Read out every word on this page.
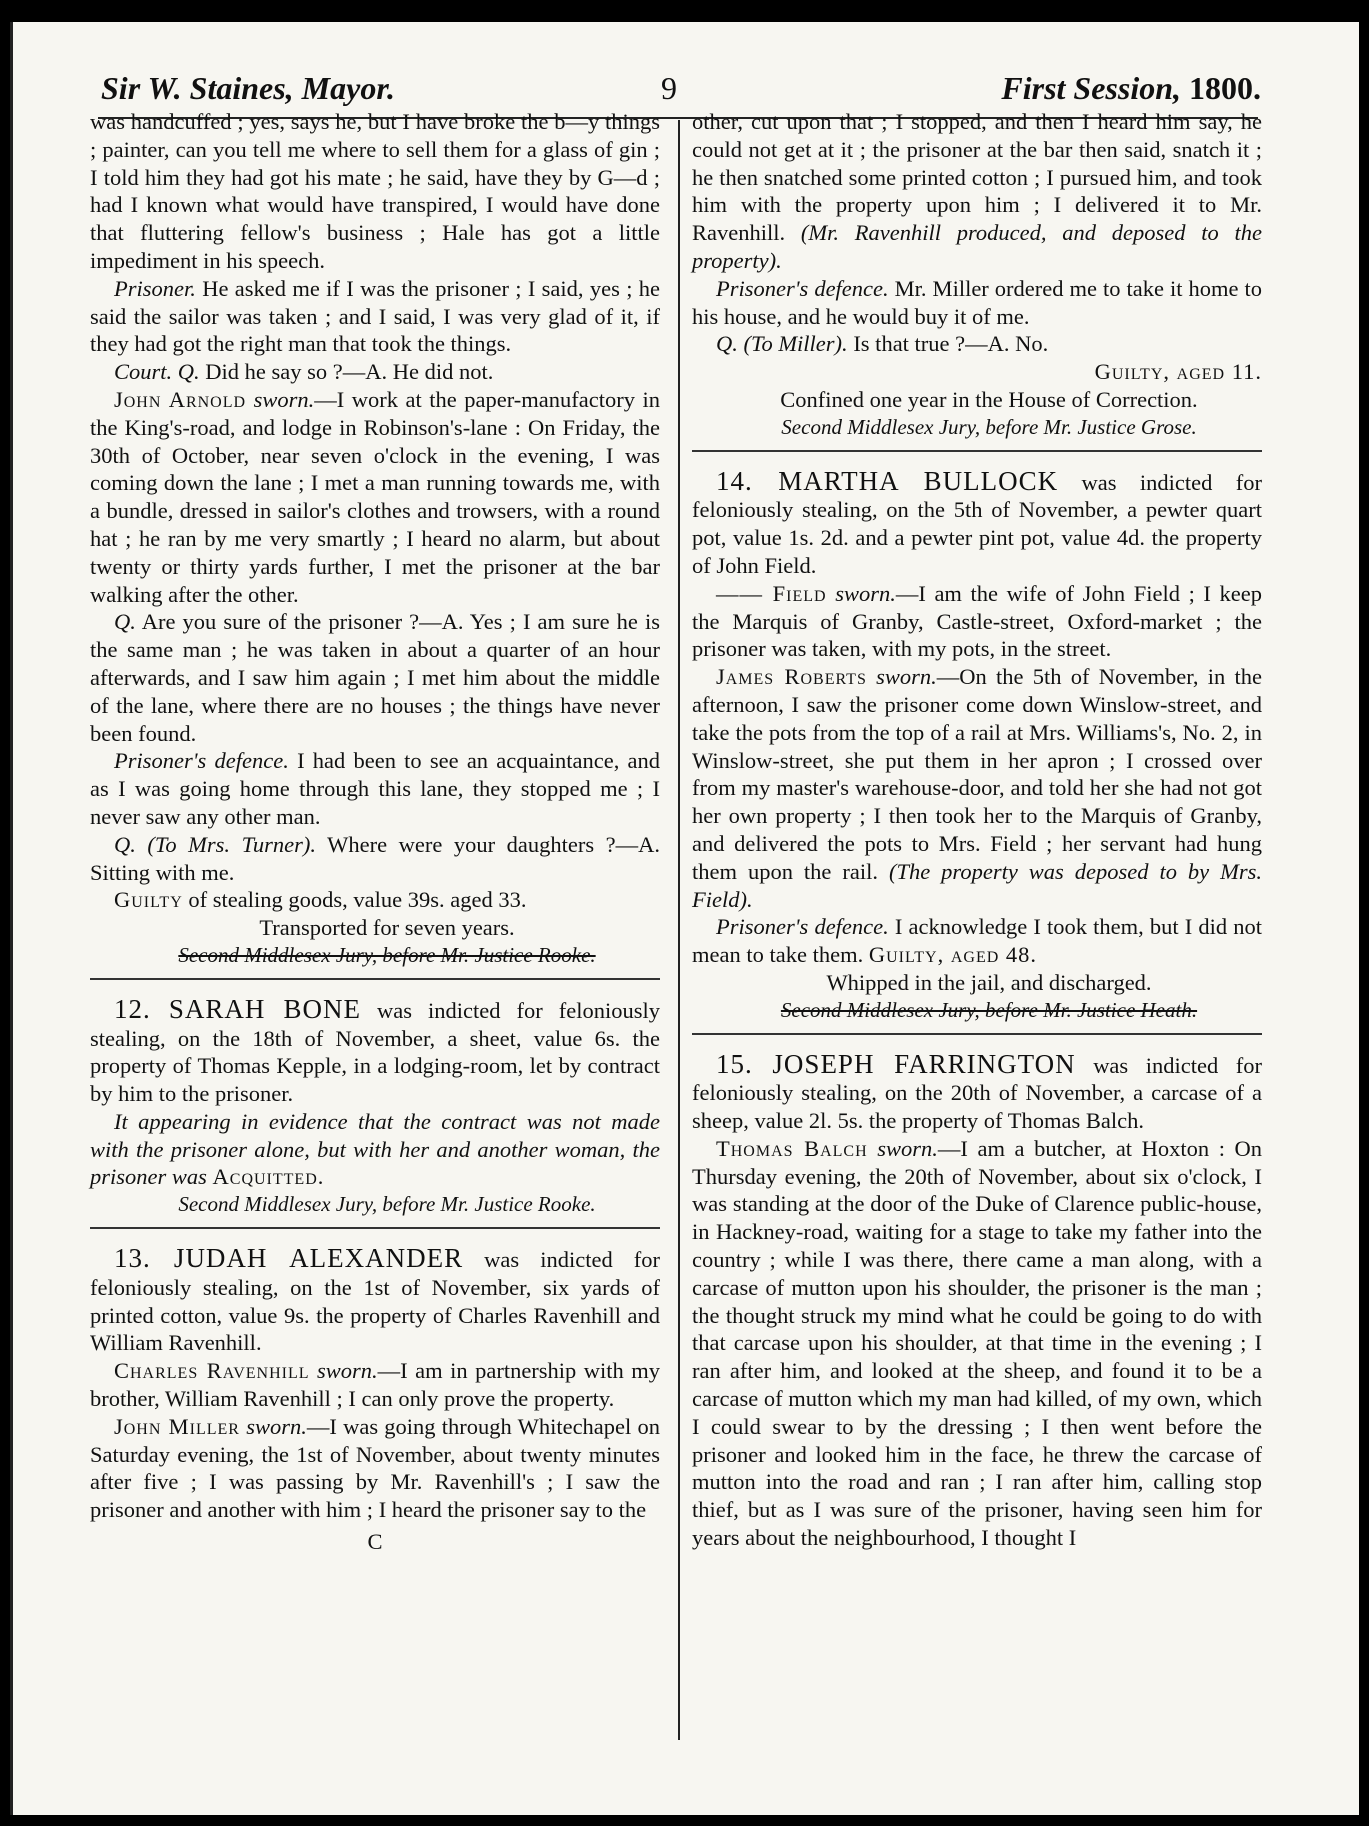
Sir W. Staines, Mayor.	9	First Session, 1800.

was handcuffed ; yes, says he, but I have broke the b—y things ; painter, can you tell me where to sell them for a glass of gin ; I told him they had got his mate ; he said, have they by G—d ; had I known what would have transpired, I would have done that fluttering fellow's business ; Hale has got a little impediment in his speech.

Prisoner. He asked me if I was the prisoner ; I said, yes ; he said the sailor was taken ; and I said, I was very glad of it, if they had got the right man that took the things.

Court. Q. Did he say so ?—A. He did not.

John Arnold sworn.—I work at the paper-manufactory in the King's-road, and lodge in Robinson's-lane : On Friday, the 30th of October, near seven o'clock in the evening, I was coming down the lane ; I met a man running towards me, with a bundle, dressed in sailor's clothes and trowsers, with a round hat ; he ran by me very smartly ; I heard no alarm, but about twenty or thirty yards further, I met the prisoner at the bar walking after the other.

Q. Are you sure of the prisoner ?—A. Yes ; I am sure he is the same man ; he was taken in about a quarter of an hour afterwards, and I saw him again ; I met him about the middle of the lane, where there are no houses ; the things have never been found.

Prisoner's defence. I had been to see an acquaintance, and as I was going home through this lane, they stopped me ; I never saw any other man.

Q. (To Mrs. Turner). Where were your daughters ?—A. Sitting with me.

Guilty of stealing goods, value 39s. aged 33.

Transported for seven years.

Second Middlesex Jury, before Mr. Justice Rooke.

12. SARAH BONE was indicted for feloniously stealing, on the 18th of November, a sheet, value 6s. the property of Thomas Kepple, in a lodging-room, let by contract by him to the prisoner.

It appearing in evidence that the contract was not made with the prisoner alone, but with her and another woman, the prisoner was Acquitted.

Second Middlesex Jury, before Mr. Justice Rooke.

13. JUDAH ALEXANDER was indicted for feloniously stealing, on the 1st of November, six yards of printed cotton, value 9s. the property of Charles Ravenhill and William Ravenhill.

Charles Ravenhill sworn.—I am in partnership with my brother, William Ravenhill ; I can only prove the property.

John Miller sworn.—I was going through Whitechapel on Saturday evening, the 1st of November, about twenty minutes after five ; I was passing by Mr. Ravenhill's ; I saw the prisoner and another with him ; I heard the prisoner say to the

C

other, cut upon that ; I stopped, and then I heard him say, he could not get at it ; the prisoner at the bar then said, snatch it ; he then snatched some printed cotton ; I pursued him, and took him with the property upon him ; I delivered it to Mr. Ravenhill. (Mr. Ravenhill produced, and deposed to the property).

Prisoner's defence. Mr. Miller ordered me to take it home to his house, and he would buy it of me.

Q. (To Miller). Is that true ?—A. No.

Guilty, aged 11.

Confined one year in the House of Correction.

Second Middlesex Jury, before Mr. Justice Grose.

14. MARTHA BULLOCK was indicted for feloniously stealing, on the 5th of November, a pewter quart pot, value 1s. 2d. and a pewter pint pot, value 4d. the property of John Field.

—— Field sworn.—I am the wife of John Field ; I keep the Marquis of Granby, Castle-street, Oxford-market ; the prisoner was taken, with my pots, in the street.

James Roberts sworn.—On the 5th of November, in the afternoon, I saw the prisoner come down Winslow-street, and take the pots from the top of a rail at Mrs. Williams's, No. 2, in Winslow-street, she put them in her apron ; I crossed over from my master's warehouse-door, and told her she had not got her own property ; I then took her to the Marquis of Granby, and delivered the pots to Mrs. Field ; her servant had hung them upon the rail. (The property was deposed to by Mrs. Field).

Prisoner's defence. I acknowledge I took them, but I did not mean to take them. Guilty, aged 48.

Whipped in the jail, and discharged.

Second Middlesex Jury, before Mr. Justice Heath.

15. JOSEPH FARRINGTON was indicted for feloniously stealing, on the 20th of November, a carcase of a sheep, value 2l. 5s. the property of Thomas Balch.

Thomas Balch sworn.—I am a butcher, at Hoxton : On Thursday evening, the 20th of November, about six o'clock, I was standing at the door of the Duke of Clarence public-house, in Hackney-road, waiting for a stage to take my father into the country ; while I was there, there came a man along, with a carcase of mutton upon his shoulder, the prisoner is the man ; the thought struck my mind what he could be going to do with that carcase upon his shoulder, at that time in the evening ; I ran after him, and looked at the sheep, and found it to be a carcase of mutton which my man had killed, of my own, which I could swear to by the dressing ; I then went before the prisoner and looked him in the face, he threw the carcase of mutton into the road and ran ; I ran after him, calling stop thief, but as I was sure of the prisoner, having seen him for years about the neighbourhood, I thought I
